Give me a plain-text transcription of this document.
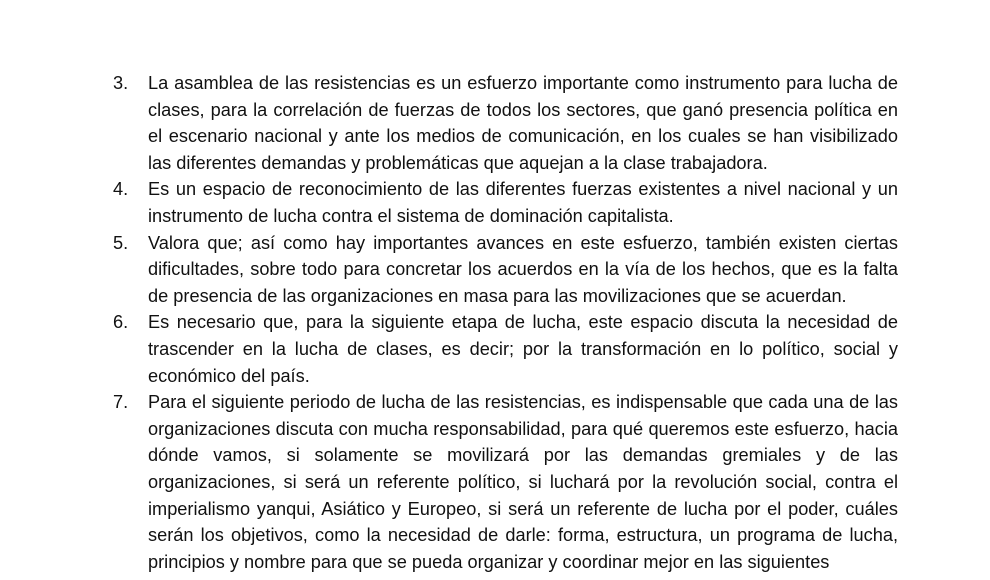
3. La asamblea de las resistencias es un esfuerzo importante como instrumento para lucha de clases, para la correlación de fuerzas de todos los sectores, que ganó presencia política en el escenario nacional y ante los medios de comunicación, en los cuales se han visibilizado las diferentes demandas y problemáticas que aquejan a la clase trabajadora.
4. Es un espacio de reconocimiento de las diferentes fuerzas existentes a nivel nacional y un instrumento de lucha contra el sistema de dominación capitalista.
5. Valora que; así como hay importantes avances en este esfuerzo, también existen ciertas dificultades, sobre todo para concretar los acuerdos en la vía de los hechos, que es la falta de presencia de las organizaciones en masa para las movilizaciones que se acuerdan.
6. Es necesario que, para la siguiente etapa de lucha, este espacio discuta la necesidad de trascender en la lucha de clases, es decir; por la transformación en lo político, social y económico del país.
7. Para el siguiente periodo de lucha de las resistencias, es indispensable que cada una de las organizaciones discuta con mucha responsabilidad, para qué queremos este esfuerzo, hacia dónde vamos, si solamente se movilizará por las demandas gremiales y de las organizaciones, si será un referente político, si luchará por la revolución social, contra el imperialismo yanqui, Asiático y Europeo, si será un referente de lucha por el poder, cuáles serán los objetivos, como la necesidad de darle: forma, estructura, un programa de lucha, principios y nombre para que se pueda organizar y coordinar mejor en las siguientes
